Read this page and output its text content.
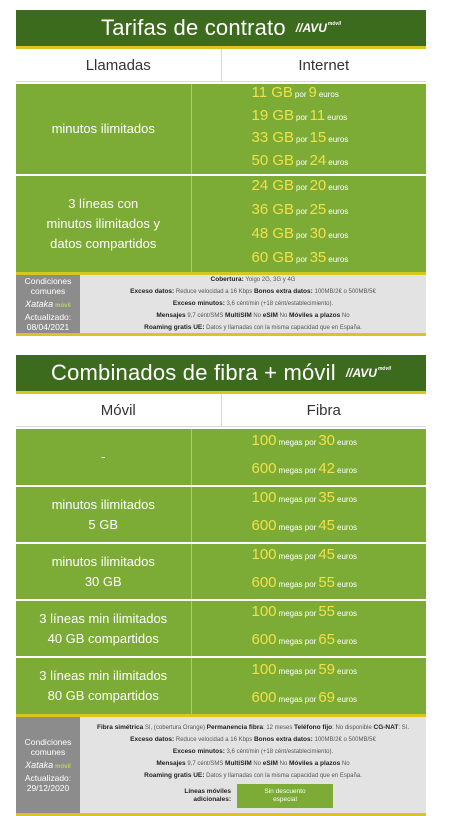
Tarifas de contrato //AVU móvil
Llamadas	Internet
minutos ilimitados
11 GB por 9 euros
19 GB por 11 euros
33 GB por 15 euros
50 GB por 24 euros
3 líneas con
minutos ilimitados y
datos compartidos
24 GB por 20 euros
36 GB por 25 euros
48 GB por 30 euros
60 GB por 35 euros
Condiciones comunes
Xataka móvil
Actualizado:
08/04/2021
Cobertura: Yoigo 2G, 3G y 4G
Exceso datos: Reduce velocidad a 16 Kbps Bonos extra datos: 100MB/2€ o 500MB/5€
Exceso minutos: 3,6 cént/min (+18 cént/establecimiento).
Mensajes 9,7 cént/SMS MultiSIM No eSIM No Móviles a plazos No
Roaming gratis UE: Datos y llamadas con la misma capacidad que en España.
Combinados de fibra + móvil //AVU móvil
Móvil	Fibra
-
100 megas por 30 euros
600 megas por 42 euros
minutos ilimitados
5 GB
100 megas por 35 euros
600 megas por 45 euros
minutos ilimitados
30 GB
100 megas por 45 euros
600 megas por 55 euros
3 líneas min ilimitados
40 GB compartidos
100 megas por 55 euros
600 megas por 65 euros
3 líneas min ilimitados
80 GB compartidos
100 megas por 59 euros
600 megas por 69 euros
Condiciones comunes
Xataka móvil
Actualizado:
29/12/2020
Fibra simétrica Sí, (cobertura Orange) Permanencia fibra: 12 meses Teléfono fijo: No disponible CG-NAT: Sí.
Exceso datos: Reduce velocidad a 16 Kbps Bonos extra datos: 100MB/2€ o 500MB/5€
Exceso minutos: 3,6 cént/min (+18 cént/establecimiento).
Mensajes 9,7 cént/SMS MultiSIM No eSIM No Móviles a plazos No
Roaming gratis UE: Datos y llamadas con la misma capacidad que en España.
Líneas móviles adicionales:
Sin descuento especial
